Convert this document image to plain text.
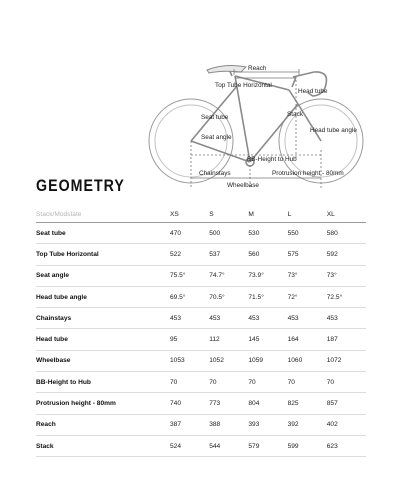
Reach
Top Tube Horizontal
Head tube
Seat tube	Stack
Seat angle
Head tube angle
BB-Height to Hub
Chainstays	Protrusion height - 80mm
Wheelbase
GEOMETRY
Stack/Modstate	XS	S	M	L	XL
Seat tube	470	500	530	550	580
Top Tube Horizontal	522	537	560	575	592
Seat angle	75.5°	74.7°	73.9°	73°	73°
Head tube angle	69.5°	70.5°	71.5°	72°	72.5°
Chainstays	453	453	453	453	453
Head tube	95	112	145	164	187
Wheelbase	1053	1052	1059	1060	1072
BB-Height to Hub	70	70	70	70	70
Protrusion height - 80mm	740	773	804	825	857
Reach	387	388	393	392	402
Stack	524	544	579	599	623
